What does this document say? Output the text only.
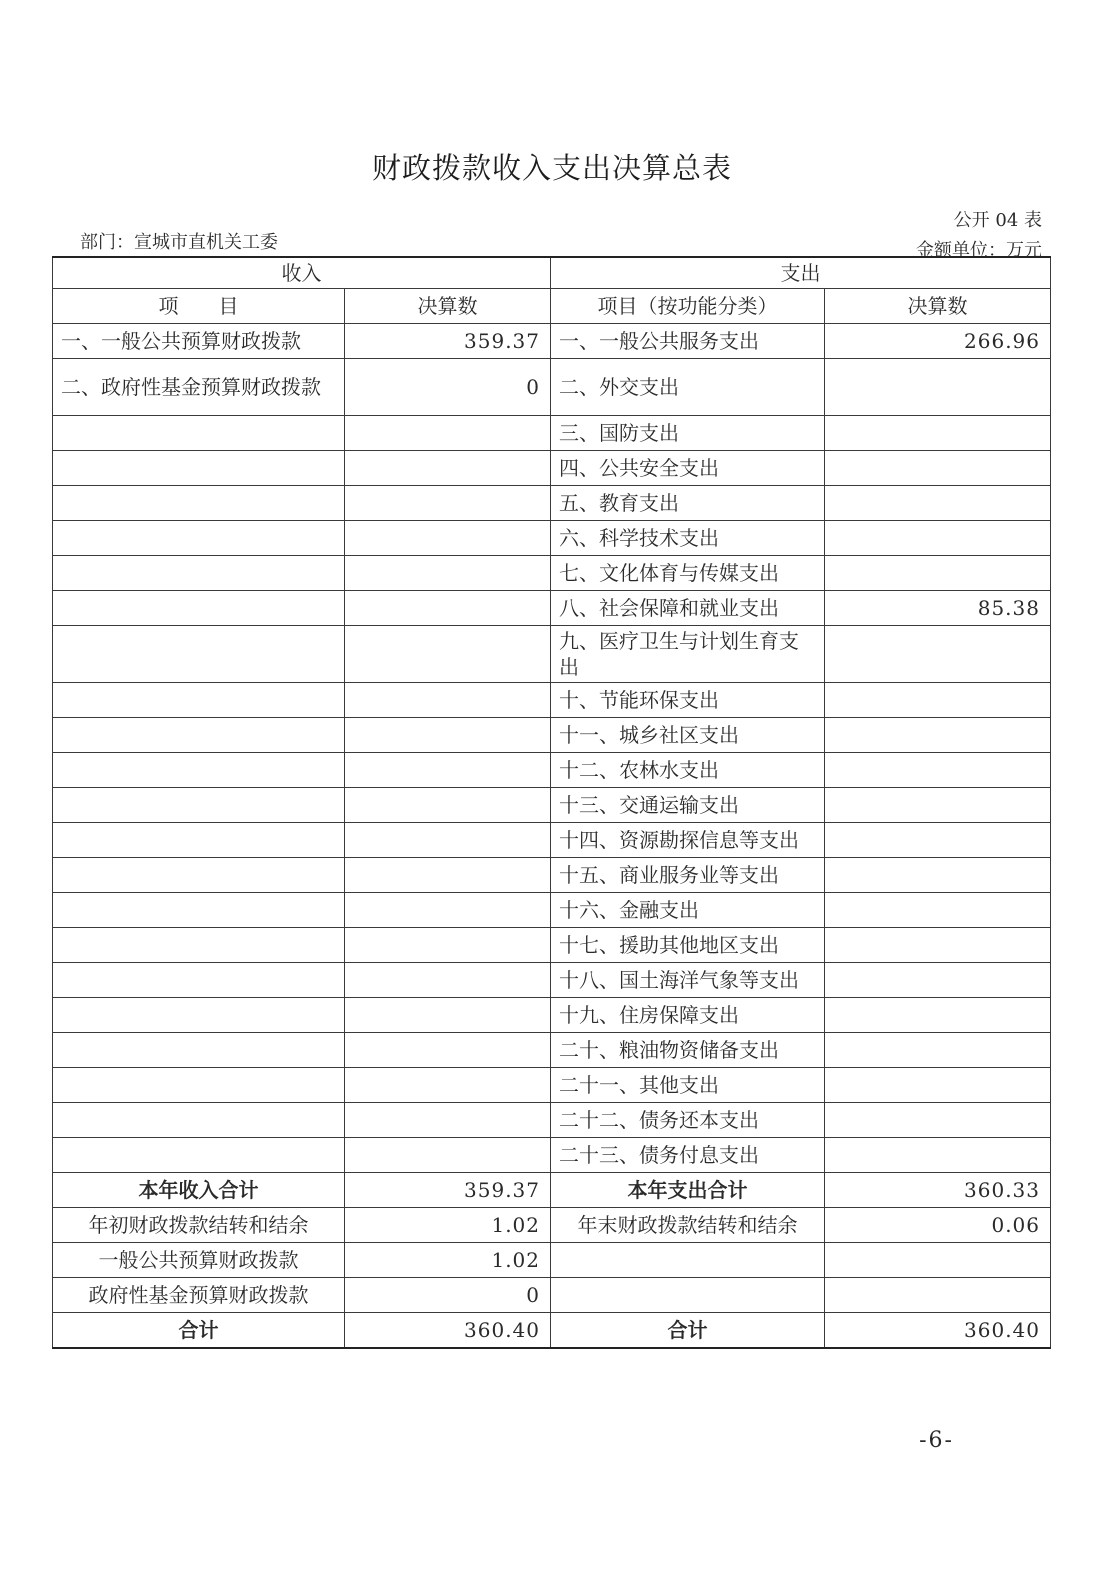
财政拨款收入支出决算总表
部门：宣城市直机关工委
公开 04 表
金额单位：万元
收入		支出	
项　　目	决算数	项目（按功能分类）	决算数
一、一般公共预算财政拨款	359.37	一、一般公共服务支出	266.96
二、政府性基金预算财政拨款	0	二、外交支出	
		三、国防支出	
		四、公共安全支出	
		五、教育支出	
		六、科学技术支出	
		七、文化体育与传媒支出	
		八、社会保障和就业支出	85.38
		九、医疗卫生与计划生育支出	
		十、节能环保支出	
		十一、城乡社区支出	
		十二、农林水支出	
		十三、交通运输支出	
		十四、资源勘探信息等支出	
		十五、商业服务业等支出	
		十六、金融支出	
		十七、援助其他地区支出	
		十八、国土海洋气象等支出	
		十九、住房保障支出	
		二十、粮油物资储备支出	
		二十一、其他支出	
		二十二、债务还本支出	
		二十三、债务付息支出	
本年收入合计	359.37	本年支出合计	360.33
年初财政拨款结转和结余	1.02	年末财政拨款结转和结余	0.06
一般公共预算财政拨款	1.02		
政府性基金预算财政拨款	0		
合计	360.40	合计	360.40
-6-
